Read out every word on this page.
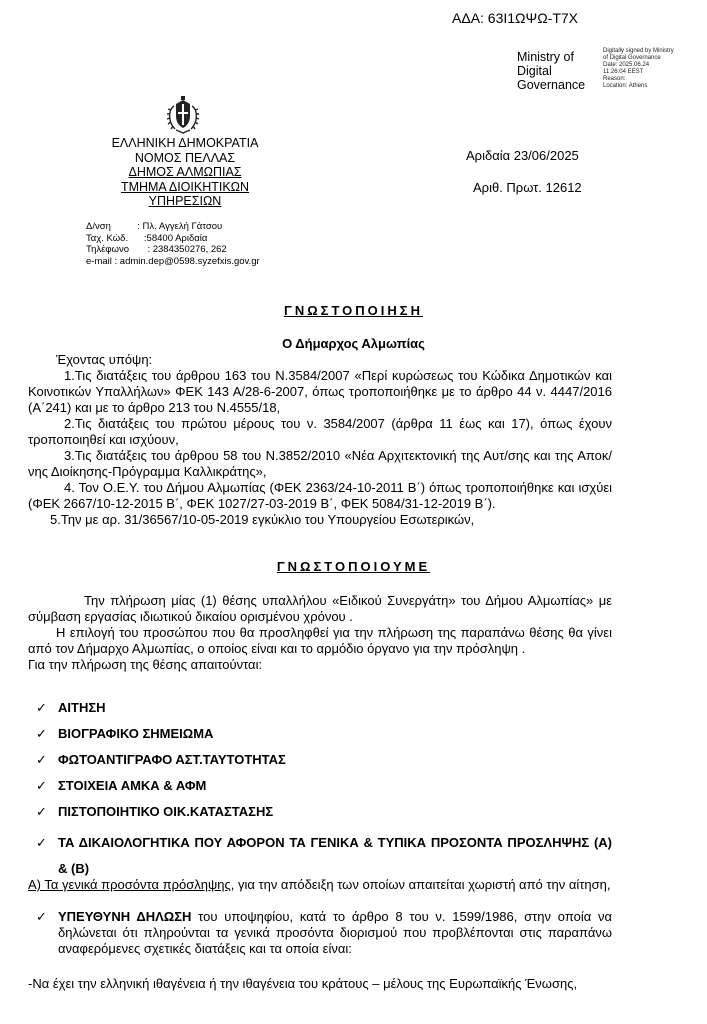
ΑΔΑ: 63Ι1ΩΨΩ-Τ7Χ
Ministry of
Digital
Governance
Digitally signed by Ministry
of Digital Governance
Date: 2025.06.24
11:26:04 EEST
Reason:
Location: Athens
ΕΛΛΗΝΙΚΗ ΔΗΜΟΚΡΑΤΙΑ
ΝΟΜΟΣ ΠΕΛΛΑΣ
ΔΗΜΟΣ ΑΛΜΩΠΙΑΣ
ΤΜΗΜΑ ΔΙΟΙΚΗΤΙΚΩΝ
ΥΠΗΡΕΣΙΩΝ
Δ/νση          : Πλ. Αγγελή Γάτσου
Ταχ. Κώδ.      :58400 Αριδαία
Τηλέφωνο       : 2384350276, 262
e-mail : admin.dep@0598.syzefxis.gov.gr
Αριδαία 23/06/2025
Αριθ. Πρωτ. 12612
ΓΝΩΣΤΟΠΟΙΗΣΗ
Ο Δήμαρχος Αλμωπίας

Έχοντας υπόψη:

1.Τις διατάξεις του άρθρου 163 του Ν.3584/2007 «Περί κυρώσεως του Κώδικα Δημοτικών και Κοινοτικών Υπαλλήλων» ΦΕΚ 143 Α/28-6-2007, όπως τροποποιήθηκε με το άρθρο 44 ν. 4447/2016 (Α΄241) και με το άρθρο 213 του Ν.4555/18,

2.Τις διατάξεις του πρώτου μέρους του ν. 3584/2007 (άρθρα 11 έως και 17), όπως έχουν τροποποιηθεί και ισχύουν,

3.Τις διατάξεις του άρθρου 58 του Ν.3852/2010 «Νέα Αρχιτεκτονική της Αυτ/σης και της Αποκ/νης Διοίκησης-Πρόγραμμα Καλλικράτης»,

4. Τον Ο.Ε.Υ. του Δήμου Αλμωπίας (ΦΕΚ 2363/24-10-2011 Β΄) όπως τροποποιήθηκε και ισχύει (ΦΕΚ 2667/10-12-2015 Β΄, ΦΕΚ 1027/27-03-2019 Β΄, ΦΕΚ 5084/31-12-2019 Β΄).

5.Την με αρ. 31/36567/10-05-2019 εγκύκλιο του Υπουργείου Εσωτερικών,

ΓΝΩΣΤΟΠΟΙΟΥΜΕ

Την πλήρωση μίας (1) θέσης υπαλλήλου «Ειδικού Συνεργάτη» του Δήμου Αλμωπίας» με σύμβαση εργασίας ιδιωτικού δικαίου ορισμένου χρόνου .

Η επιλογή του προσώπου που θα προσληφθεί για την πλήρωση της παραπάνω θέσης θα γίνει από τον Δήμαρχο Αλμωπίας, ο οποίος είναι και το αρμόδιο όργανο για την πρόσληψη .

Για την πλήρωση της θέσης απαιτούνται:

✓ ΑΙΤΗΣΗ
✓ ΒΙΟΓΡΑΦΙΚΟ ΣΗΜΕΙΩΜΑ
✓ ΦΩΤΟΑΝΤΙΓΡΑΦΟ ΑΣΤ.ΤΑΥΤΟΤΗΤΑΣ
✓ ΣΤΟΙΧΕΙΑ ΑΜΚΑ & ΑΦΜ
✓ ΠΙΣΤΟΠΟΙΗΤΙΚΟ ΟΙΚ.ΚΑΤΑΣΤΑΣΗΣ
✓ ΤΑ ΔΙΚΑΙΟΛΟΓΗΤΙΚΑ ΠΟΥ ΑΦΟΡΟΝ ΤΑ ΓΕΝΙΚΑ & ΤΥΠΙΚΑ ΠΡΟΣΟΝΤΑ ΠΡΟΣΛΗΨΗΣ (Α) & (Β)

Α) Τα γενικά προσόντα πρόσληψης, για την απόδειξη των οποίων απαιτείται χωριστή από την αίτηση,

✓ ΥΠΕΥΘΥΝΗ ΔΗΛΩΣΗ του υποψηφίου, κατά το άρθρο 8 του ν. 1599/1986, στην οποία να δηλώνεται ότι πληρούνται τα γενικά προσόντα διορισμού που προβλέπονται στις παραπάνω αναφερόμενες σχετικές διατάξεις και τα οποία είναι:

-Να έχει την ελληνική ιθαγένεια ή την ιθαγένεια του κράτους – μέλους της Ευρωπαϊκής Ένωσης,
